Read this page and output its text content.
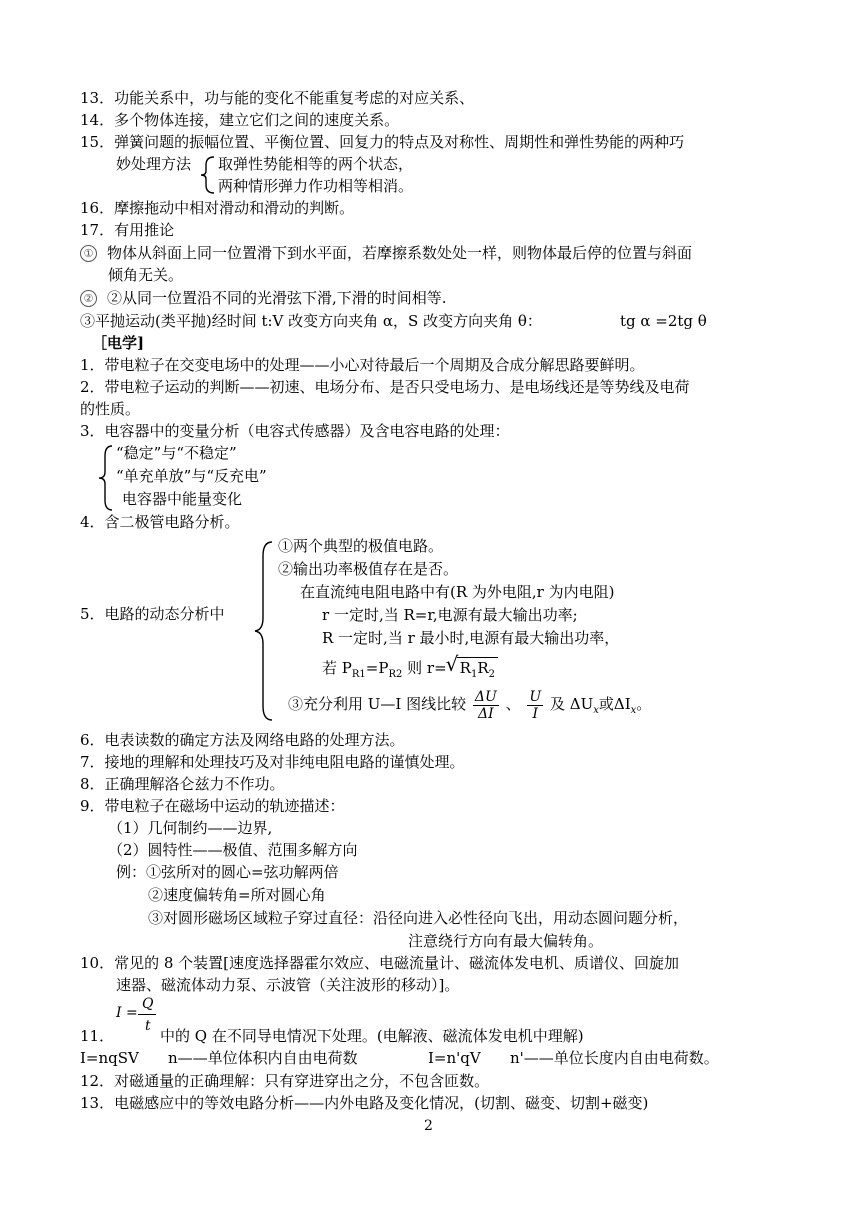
13．功能关系中，功与能的变化不能重复考虑的对应关系、
14．多个物体连接，建立它们之间的速度关系。
15．弹簧问题的振幅位置、平衡位置、回复力的特点及对称性、周期性和弹性势能的两种巧
妙处理方法 取弹性势能相等的两个状态，
两种情形弹力作功相等相消。
16．摩擦拖动中相对滑动和滑动的判断。
17．有用推论
① 物体从斜面上同一位置滑下到水平面，若摩擦系数处处一样，则物体最后停的位置与斜面
倾角无关。
② ②从同一位置沿不同的光滑弦下滑,下滑的时间相等.
③平抛运动(类平抛)经时间 t:V 改变方向夹角 α，S 改变方向夹角 θ：	tg α =2tg θ
［电学]
1．带电粒子在交变电场中的处理——小心对待最后一个周期及合成分解思路要鲜明。
2．带电粒子运动的判断——初速、电场分布、是否只受电场力、是电场线还是等势线及电荷
的性质。
3．电容器中的变量分析（电容式传感器）及含电容电路的处理：
“稳定”与“不稳定”
“单充单放”与“反充电”
电容器中能量变化
4．含二极管电路分析。
5．电路的动态分析中
①两个典型的极值电路。
②输出功率极值存在是否。
在直流纯电阻电路中有(R 为外电阻,r 为内电阻)
r 一定时,当 R=r,电源有最大输出功率;
R 一定时,当 r 最小时,电源有最大输出功率，
若 $P_{R1}=P_{R2}$ 则 r=√ $R_1R_2$
③充分利用 U—I 图线比较 $\frac{\Delta U}{\Delta I}$ 、 $\frac{U}{I}$ 及 $\Delta U_x$或$\Delta I_x$。
6．电表读数的确定方法及网络电路的处理方法。
7．接地的理解和处理技巧及对非纯电阻电路的谨慎处理。
8．正确理解洛仑兹力不作功。
9．带电粒子在磁场中运动的轨迹描述：
（1）几何制约——边界,
（2）圆特性——极值、范围多解方向
例：①弦所对的圆心=弦功解两倍
②速度偏转角=所对圆心角
③对圆形磁场区域粒子穿过直径：沿径向进入必性径向飞出，用动态圆问题分析，
注意绕行方向有最大偏转角。
10．常见的 8 个装置[速度选择器霍尔效应、电磁流量计、磁流体发电机、质谱仪、回旋加
速器、磁流体动力泵、示波管（关注波形的移动）]。
I =
Q
t
11．	中的 Q 在不同导电情况下处理。(电解液、磁流体发电机中理解)
I=nqSV n——单位体积内自由电荷数	I=n'qV n'——单位长度内自由电荷数。
12．对磁通量的正确理解：只有穿进穿出之分，不包含匝数。
13．电磁感应中的等效电路分析——内外电路及变化情况，(切割、磁变、切割+磁变)
2
